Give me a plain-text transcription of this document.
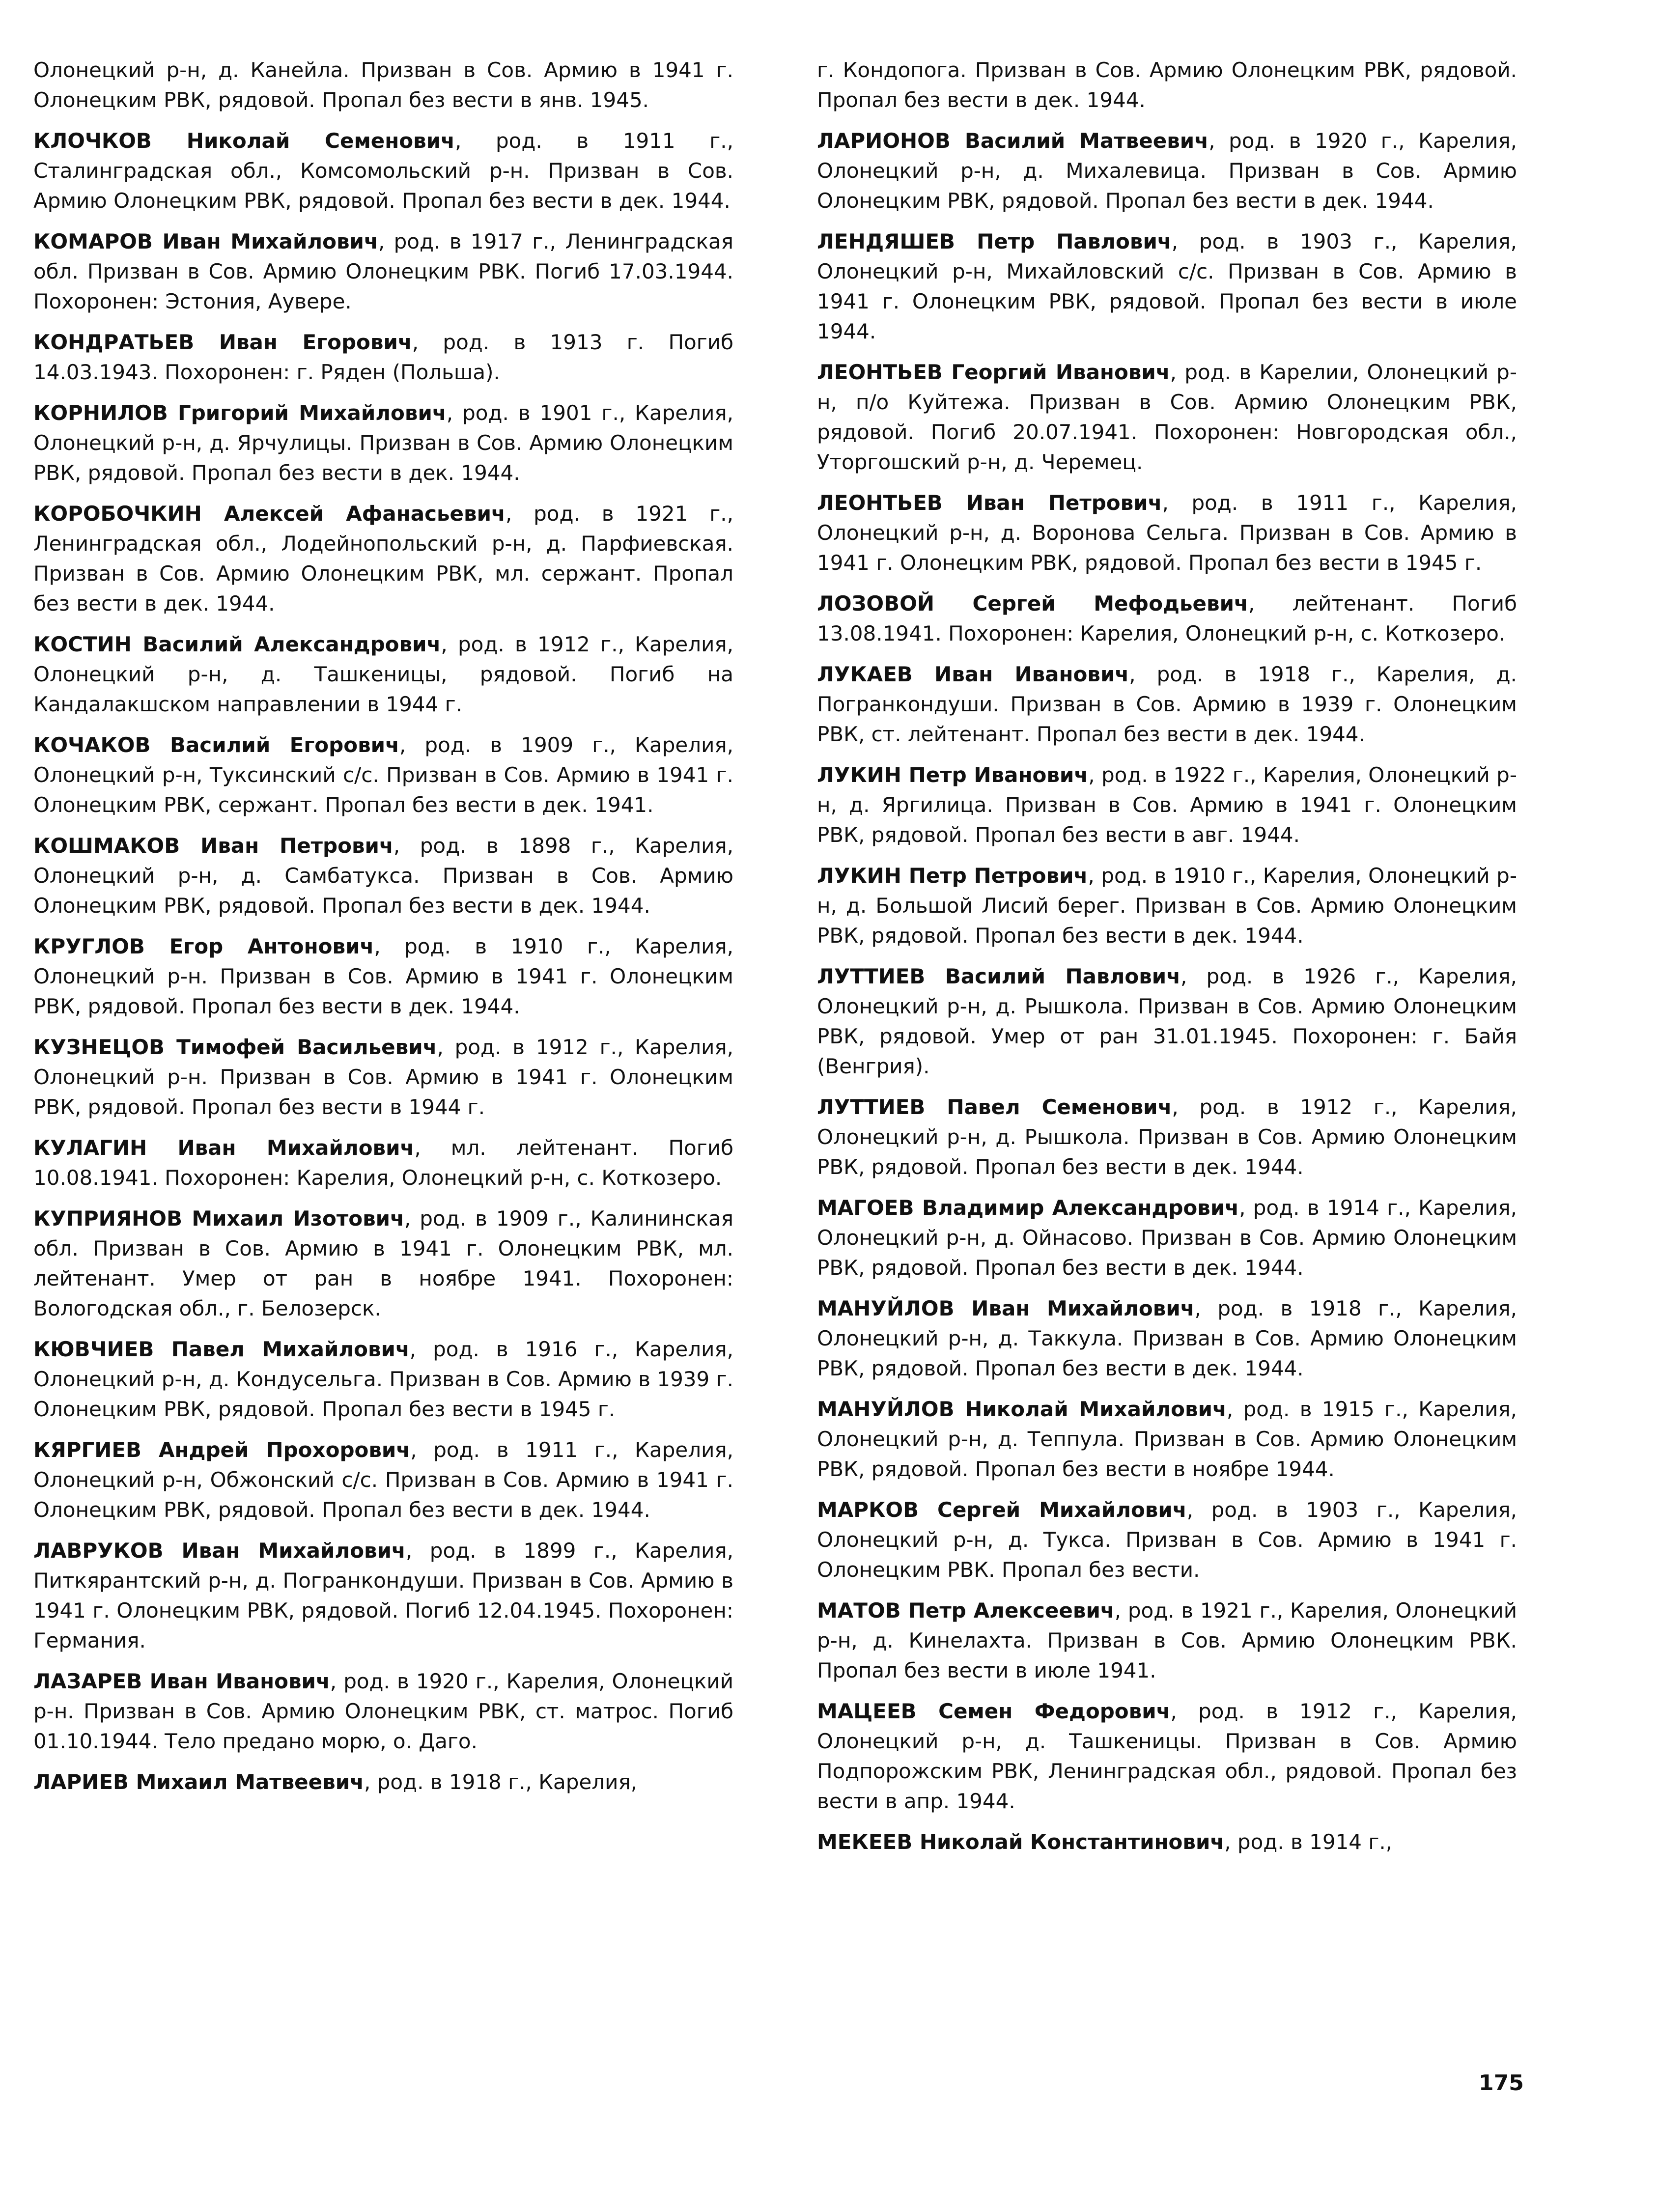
Олонецкий р-н, д. Канейла. Призван в Сов. Армию в 1941 г. Олонецким РВК, рядовой. Пропал без вести в янв. 1945.

КЛОЧКОВ Николай Семенович, род. в 1911 г., Сталинградская обл., Комсомольский р-н. Призван в Сов. Армию Олонецким РВК, рядовой. Пропал без вести в дек. 1944.

КОМАРОВ Иван Михайлович, род. в 1917 г., Ленинградская обл. Призван в Сов. Армию Олонецким РВК. Погиб 17.03.1944. Похоронен: Эстония, Аувере.

КОНДРАТЬЕВ Иван Егорович, род. в 1913 г. Погиб 14.03.1943. Похоронен: г. Ряден (Польша).

КОРНИЛОВ Григорий Михайлович, род. в 1901 г., Карелия, Олонецкий р-н, д. Ярчулицы. Призван в Сов. Армию Олонецким РВК, рядовой. Пропал без вести в дек. 1944.

КОРОБОЧКИН Алексей Афанасьевич, род. в 1921 г., Ленинградская обл., Лодейнопольский р-н, д. Парфиевская. Призван в Сов. Армию Олонецким РВК, мл. сержант. Пропал без вести в дек. 1944.

КОСТИН Василий Александрович, род. в 1912 г., Карелия, Олонецкий р-н, д. Ташкеницы, рядовой. Погиб на Кандалакшском направлении в 1944 г.

КОЧАКОВ Василий Егорович, род. в 1909 г., Карелия, Олонецкий р-н, Туксинский с/с. Призван в Сов. Армию в 1941 г. Олонецким РВК, сержант. Пропал без вести в дек. 1941.

КОШМАКОВ Иван Петрович, род. в 1898 г., Карелия, Олонецкий р-н, д. Самбатукса. Призван в Сов. Армию Олонецким РВК, рядовой. Пропал без вести в дек. 1944.

КРУГЛОВ Егор Антонович, род. в 1910 г., Карелия, Олонецкий р-н. Призван в Сов. Армию в 1941 г. Олонецким РВК, рядовой. Пропал без вести в дек. 1944.

КУЗНЕЦОВ Тимофей Васильевич, род. в 1912 г., Карелия, Олонецкий р-н. Призван в Сов. Армию в 1941 г. Олонецким РВК, рядовой. Пропал без вести в 1944 г.

КУЛАГИН Иван Михайлович, мл. лейтенант. Погиб 10.08.1941. Похоронен: Карелия, Олонецкий р-н, с. Коткозеро.

КУПРИЯНОВ Михаил Изотович, род. в 1909 г., Калининская обл. Призван в Сов. Армию в 1941 г. Олонецким РВК, мл. лейтенант. Умер от ран в ноябре 1941. Похоронен: Вологодская обл., г. Белозерск.

КЮВЧИЕВ Павел Михайлович, род. в 1916 г., Карелия, Олонецкий р-н, д. Кондусельга. Призван в Сов. Армию в 1939 г. Олонецким РВК, рядовой. Пропал без вести в 1945 г.

КЯРГИЕВ Андрей Прохорович, род. в 1911 г., Карелия, Олонецкий р-н, Обжонский с/с. Призван в Сов. Армию в 1941 г. Олонецким РВК, рядовой. Пропал без вести в дек. 1944.

ЛАВРУКОВ Иван Михайлович, род. в 1899 г., Карелия, Питкярантский р-н, д. Погранкондуши. Призван в Сов. Армию в 1941 г. Олонецким РВК, рядовой. Погиб 12.04.1945. Похоронен: Германия.

ЛАЗАРЕВ Иван Иванович, род. в 1920 г., Карелия, Олонецкий р-н. Призван в Сов. Армию Олонецким РВК, ст. матрос. Погиб 01.10.1944. Тело предано морю, о. Даго.

ЛАРИЕВ Михаил Матвеевич, род. в 1918 г., Карелия,

г. Кондопога. Призван в Сов. Армию Олонецким РВК, рядовой. Пропал без вести в дек. 1944.

ЛАРИОНОВ Василий Матвеевич, род. в 1920 г., Карелия, Олонецкий р-н, д. Михалевица. Призван в Сов. Армию Олонецким РВК, рядовой. Пропал без вести в дек. 1944.

ЛЕНДЯШЕВ Петр Павлович, род. в 1903 г., Карелия, Олонецкий р-н, Михайловский с/с. Призван в Сов. Армию в 1941 г. Олонецким РВК, рядовой. Пропал без вести в июле 1944.

ЛЕОНТЬЕВ Георгий Иванович, род. в Карелии, Олонецкий р-н, п/о Куйтежа. Призван в Сов. Армию Олонецким РВК, рядовой. Погиб 20.07.1941. Похоронен: Новгородская обл., Уторгошский р-н, д. Черемец.

ЛЕОНТЬЕВ Иван Петрович, род. в 1911 г., Карелия, Олонецкий р-н, д. Воронова Сельга. Призван в Сов. Армию в 1941 г. Олонецким РВК, рядовой. Пропал без вести в 1945 г.

ЛОЗОВОЙ Сергей Мефодьевич, лейтенант. Погиб 13.08.1941. Похоронен: Карелия, Олонецкий р-н, с. Коткозеро.

ЛУКАЕВ Иван Иванович, род. в 1918 г., Карелия, д. Погранкондуши. Призван в Сов. Армию в 1939 г. Олонецким РВК, ст. лейтенант. Пропал без вести в дек. 1944.

ЛУКИН Петр Иванович, род. в 1922 г., Карелия, Олонецкий р-н, д. Яргилица. Призван в Сов. Армию в 1941 г. Олонецким РВК, рядовой. Пропал без вести в авг. 1944.

ЛУКИН Петр Петрович, род. в 1910 г., Карелия, Олонецкий р-н, д. Большой Лисий берег. Призван в Сов. Армию Олонецким РВК, рядовой. Пропал без вести в дек. 1944.

ЛУТТИЕВ Василий Павлович, род. в 1926 г., Карелия, Олонецкий р-н, д. Рышкола. Призван в Сов. Армию Олонецким РВК, рядовой. Умер от ран 31.01.1945. Похоронен: г. Байя (Венгрия).

ЛУТТИЕВ Павел Семенович, род. в 1912 г., Карелия, Олонецкий р-н, д. Рышкола. Призван в Сов. Армию Олонецким РВК, рядовой. Пропал без вести в дек. 1944.

МАГОЕВ Владимир Александрович, род. в 1914 г., Карелия, Олонецкий р-н, д. Ойнасово. Призван в Сов. Армию Олонецким РВК, рядовой. Пропал без вести в дек. 1944.

МАНУЙЛОВ Иван Михайлович, род. в 1918 г., Карелия, Олонецкий р-н, д. Таккула. Призван в Сов. Армию Олонецким РВК, рядовой. Пропал без вести в дек. 1944.

МАНУЙЛОВ Николай Михайлович, род. в 1915 г., Карелия, Олонецкий р-н, д. Теппула. Призван в Сов. Армию Олонецким РВК, рядовой. Пропал без вести в ноябре 1944.

МАРКОВ Сергей Михайлович, род. в 1903 г., Карелия, Олонецкий р-н, д. Тукса. Призван в Сов. Армию в 1941 г. Олонецким РВК. Пропал без вести.

МАТОВ Петр Алексеевич, род. в 1921 г., Карелия, Олонецкий р-н, д. Кинелахта. Призван в Сов. Армию Олонецким РВК. Пропал без вести в июле 1941.

МАЦЕЕВ Семен Федорович, род. в 1912 г., Карелия, Олонецкий р-н, д. Ташкеницы. Призван в Сов. Армию Подпорожским РВК, Ленинградская обл., рядовой. Пропал без вести в апр. 1944.

МЕКЕЕВ Николай Константинович, род. в 1914 г.,

175
